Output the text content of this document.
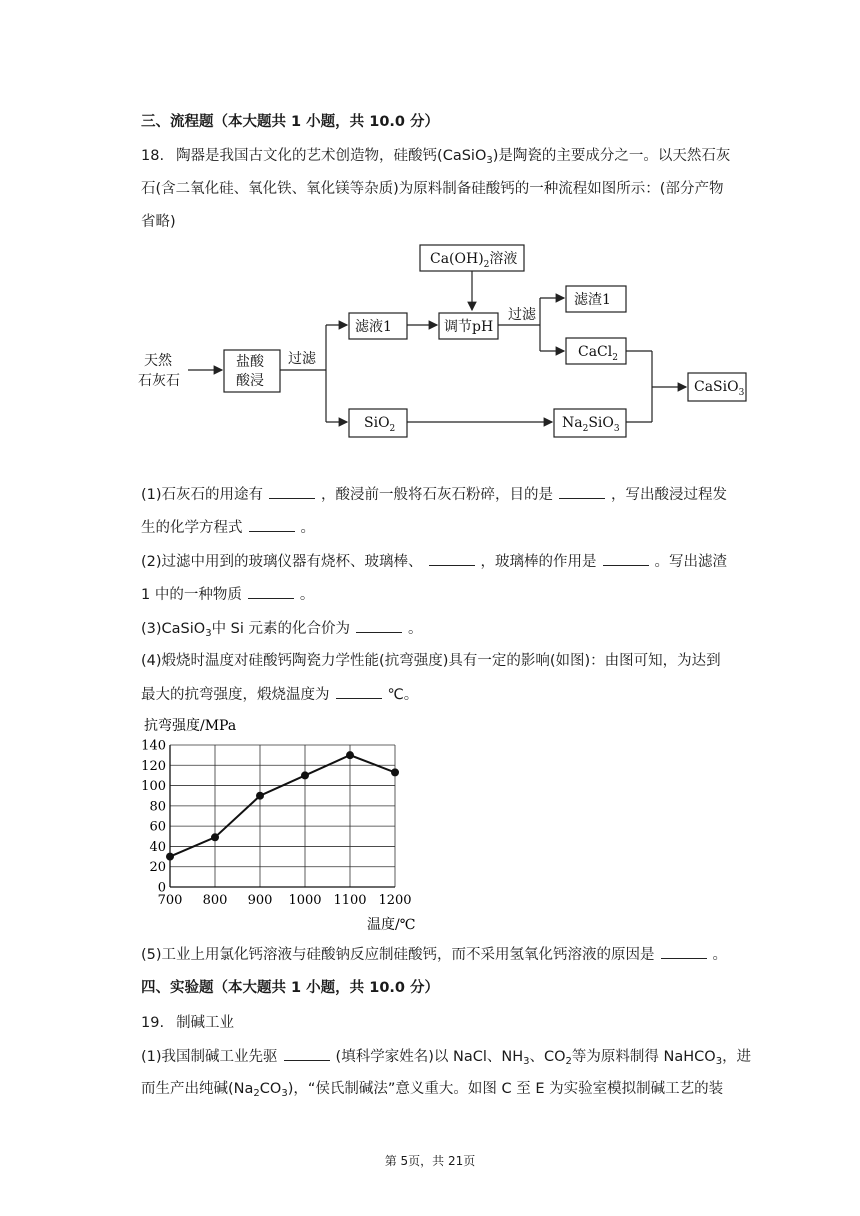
三、流程题（本大题共 1 小题，共 10.0 分）
18. 陶器是我国古文化的艺术创造物，硅酸钙(CaSiO$_3$)是陶瓷的主要成分之一。以天然石灰
石(含二氧化硅、氧化铁、氧化镁等杂质)为原料制备硅酸钙的一种流程如图所示：(部分产物
省略)
天然
石灰石
盐酸
酸浸
过滤
滤液1
$Ca(OH)_2$溶液
调节pH
过滤
滤渣1
CaCl$_2$
SiO$_2$	$Na_2SiO_3$
CaSiO$_3$
(1)石灰石的用途有	，酸浸前一般将石灰石粉碎，目的是	，写出酸浸过程发
生的化学方程式	。
(2)过滤中用到的玻璃仪器有烧杯、玻璃棒、	，玻璃棒的作用是	。写出滤渣
1 中的一种物质	。
(3)CaSiO$_3$中 Si 元素的化合价为	。
(4)煅烧时温度对硅酸钙陶瓷力学性能(抗弯强度)具有一定的影响(如图)：由图可知，为达到
最大的抗弯强度，煅烧温度为	℃。
0
20
40
60
80
100
120
140
700 800 900 1000 1100 1200
抗弯强度/MPa
温度/℃
(5)工业上用氯化钙溶液与硅酸钠反应制硅酸钙，而不采用氢氧化钙溶液的原因是	。
四、实验题（本大题共 1 小题，共 10.0 分）
19. 制碱工业
(1)我国制碱工业先驱	(填科学家姓名)以 NaCl、$NH_3$、$CO_2$等为原料制得 NaHCO$_3$，进
而生产出纯碱$(Na_2CO_3)$，“侯氏制碱法”意义重大。如图 C 至 E 为实验室模拟制碱工艺的装
第 5页，共 21页
